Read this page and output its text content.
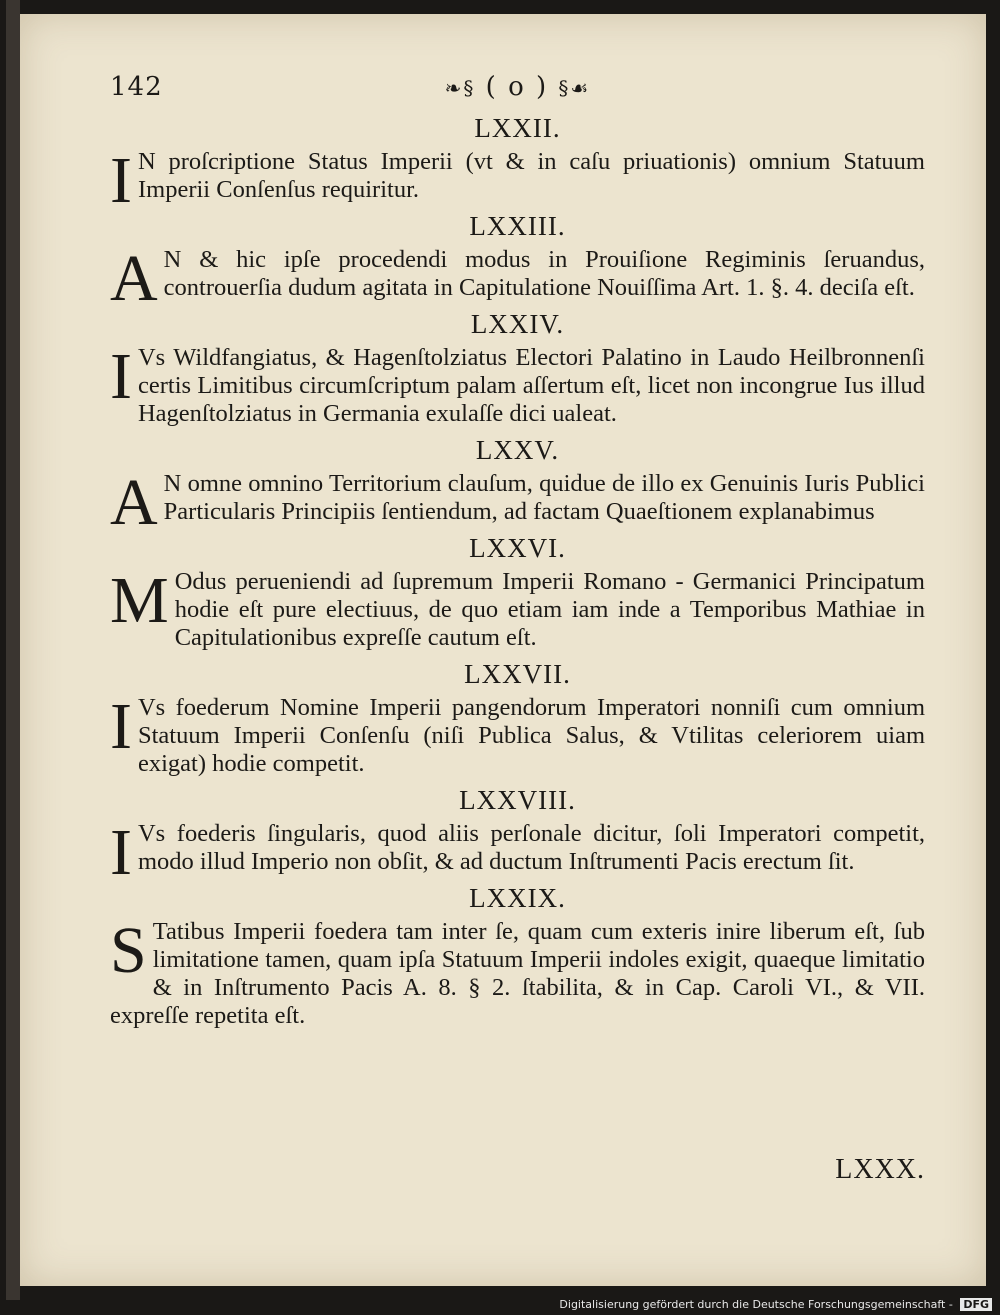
142	❧§ ( o ) §☙
LXXII.
I N proſcriptione Status Imperii (vt & in caſu priuationis) omnium Statuum Imperii Conſenſus requiritur.
LXXIII.
A N & hic ipſe procedendi modus in Prouiſione Regiminis ſeruandus, controuerſia dudum agitata in Capitulatione Nouiſſima Art. 1. §. 4. deciſa eſt.
LXXIV.
I Vs Wildfangiatus, & Hagenſtolziatus Electori Palatino in Laudo Heilbronnenſi certis Limitibus circumſcriptum palam aſſertum eſt, licet non incongrue Ius illud Hagenſtolziatus in Germania exulaſſe dici ualeat.
LXXV.
A N omne omnino Territorium clauſum, quidue de illo ex Genuinis Iuris Publici Particularis Principiis ſentiendum, ad factam Quaeſtionem explanabimus
LXXVI.
M Odus perueniendi ad ſupremum Imperii Romano - Germanici Principatum hodie eſt pure electiuus, de quo etiam iam inde a Temporibus Mathiae in Capitulationibus expreſſe cautum eſt.
LXXVII.
I Vs foederum Nomine Imperii pangendorum Imperatori nonniſi cum omnium Statuum Imperii Conſenſu (niſi Publica Salus, & Vtilitas celeriorem uiam exigat) hodie competit.
LXXVIII.
I Vs foederis ſingularis, quod aliis perſonale dicitur, ſoli Imperatori competit, modo illud Imperio non obſit, & ad ductum Inſtrumenti Pacis erectum ſit.
LXXIX.
S Tatibus Imperii foedera tam inter ſe, quam cum exteris inire liberum eſt, ſub limitatione tamen, quam ipſa Statuum Imperii indoles exigit, quaeque limitatio & in Inſtrumento Pacis A. 8. § 2. ſtabilita, & in Cap. Caroli VI., & VII. expreſſe repetita eſt.
LXXX.
Digitalisierung gefördert durch die Deutsche Forschungsgemeinschaft - DFG
